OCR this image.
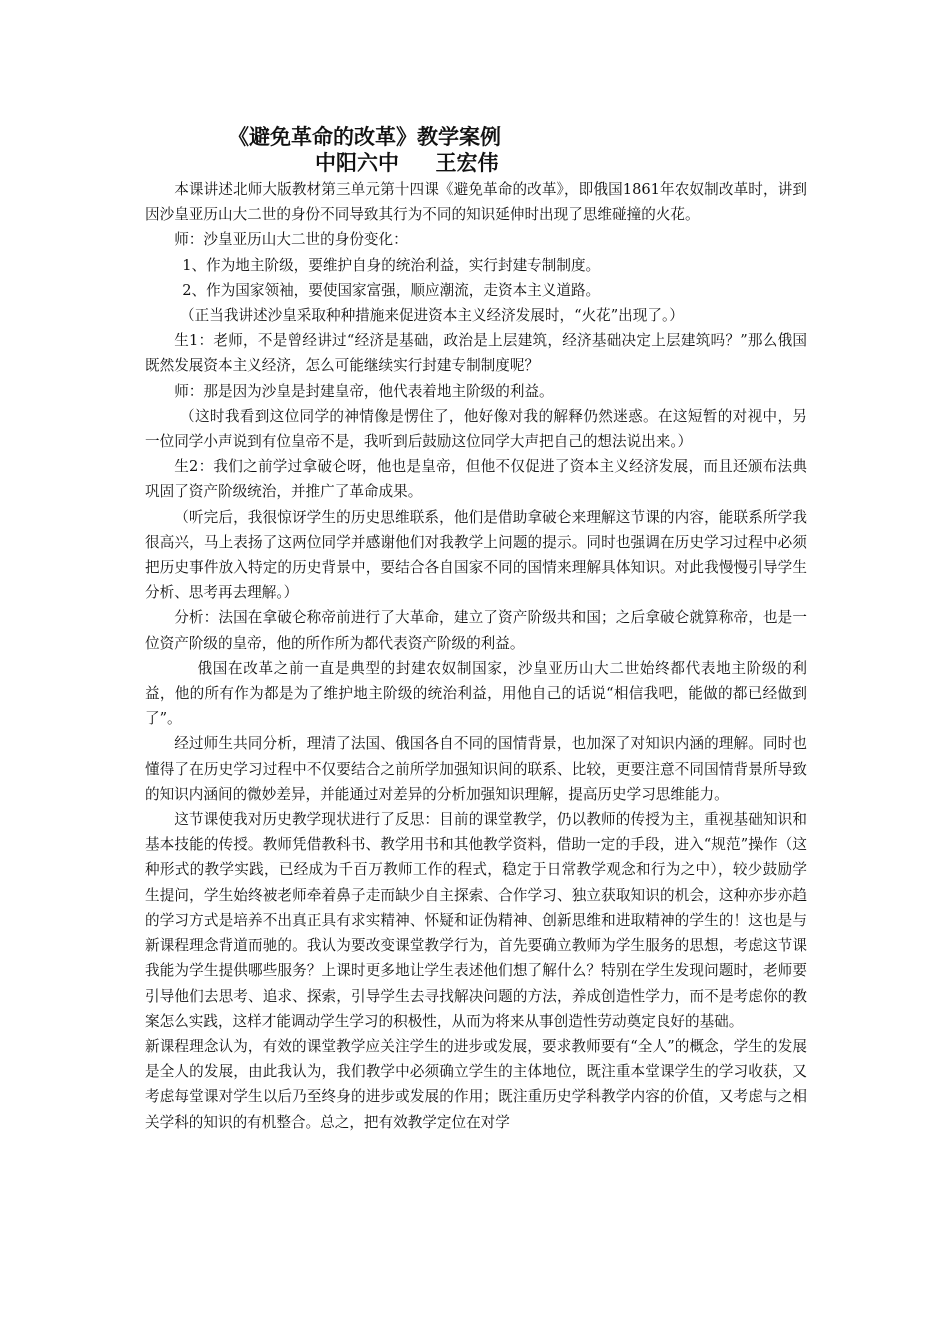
《避免革命的改革》教学案例
中阳六中     王宏伟

本课讲述北师大版教材第三单元第十四课《避免革命的改革》，即俄国1861年农奴制改革时，讲到因沙皇亚历山大二世的身份不同导致其行为不同的知识延伸时出现了思维碰撞的火花。

师：沙皇亚历山大二世的身份变化：

1、作为地主阶级，要维护自身的统治利益，实行封建专制制度。

2、作为国家领袖，要使国家富强，顺应潮流，走资本主义道路。

（正当我讲述沙皇采取种种措施来促进资本主义经济发展时，“火花”出现了。）

生1：老师，不是曾经讲过“经济是基础，政治是上层建筑，经济基础决定上层建筑吗？”那么俄国既然发展资本主义经济，怎么可能继续实行封建专制制度呢？

师：那是因为沙皇是封建皇帝，他代表着地主阶级的利益。

（这时我看到这位同学的神情像是愣住了，他好像对我的解释仍然迷惑。在这短暂的对视中，另一位同学小声说到有位皇帝不是，我听到后鼓励这位同学大声把自己的想法说出来。）

生2：我们之前学过拿破仑呀，他也是皇帝，但他不仅促进了资本主义经济发展，而且还颁布法典巩固了资产阶级统治，并推广了革命成果。

（听完后，我很惊讶学生的历史思维联系，他们是借助拿破仑来理解这节课的内容，能联系所学我很高兴，马上表扬了这两位同学并感谢他们对我教学上问题的提示。同时也强调在历史学习过程中必须把历史事件放入特定的历史背景中，要结合各自国家不同的国情来理解具体知识。对此我慢慢引导学生分析、思考再去理解。）

分析：法国在拿破仑称帝前进行了大革命，建立了资产阶级共和国；之后拿破仑就算称帝，也是一位资产阶级的皇帝，他的所作所为都代表资产阶级的利益。

俄国在改革之前一直是典型的封建农奴制国家，沙皇亚历山大二世始终都代表地主阶级的利益，他的所有作为都是为了维护地主阶级的统治利益，用他自己的话说“相信我吧，能做的都已经做到了”。

经过师生共同分析，理清了法国、俄国各自不同的国情背景，也加深了对知识内涵的理解。同时也懂得了在历史学习过程中不仅要结合之前所学加强知识间的联系、比较，更要注意不同国情背景所导致的知识内涵间的微妙差异，并能通过对差异的分析加强知识理解，提高历史学习思维能力。

这节课使我对历史教学现状进行了反思：目前的课堂教学，仍以教师的传授为主，重视基础知识和基本技能的传授。教师凭借教科书、教学用书和其他教学资料，借助一定的手段，进入“规范”操作（这种形式的教学实践，已经成为千百万教师工作的程式，稳定于日常教学观念和行为之中），较少鼓励学生提问，学生始终被老师牵着鼻子走而缺少自主探索、合作学习、独立获取知识的机会，这种亦步亦趋的学习方式是培养不出真正具有求实精神、怀疑和证伪精神、创新思维和进取精神的学生的！这也是与新课程理念背道而驰的。我认为要改变课堂教学行为，首先要确立教师为学生服务的思想，考虑这节课我能为学生提供哪些服务？上课时更多地让学生表述他们想了解什么？特别在学生发现问题时，老师要引导他们去思考、追求、探索，引导学生去寻找解决问题的方法，养成创造性学力，而不是考虑你的教案怎么实践，这样才能调动学生学习的积极性，从而为将来从事创造性劳动奠定良好的基础。

新课程理念认为，有效的课堂教学应关注学生的进步或发展，要求教师要有“全人”的概念，学生的发展是全人的发展，由此我认为，我们教学中必须确立学生的主体地位，既注重本堂课学生的学习收获，又考虑每堂课对学生以后乃至终身的进步或发展的作用；既注重历史学科教学内容的价值，又考虑与之相关学科的知识的有机整合。总之，把有效教学定位在对学
